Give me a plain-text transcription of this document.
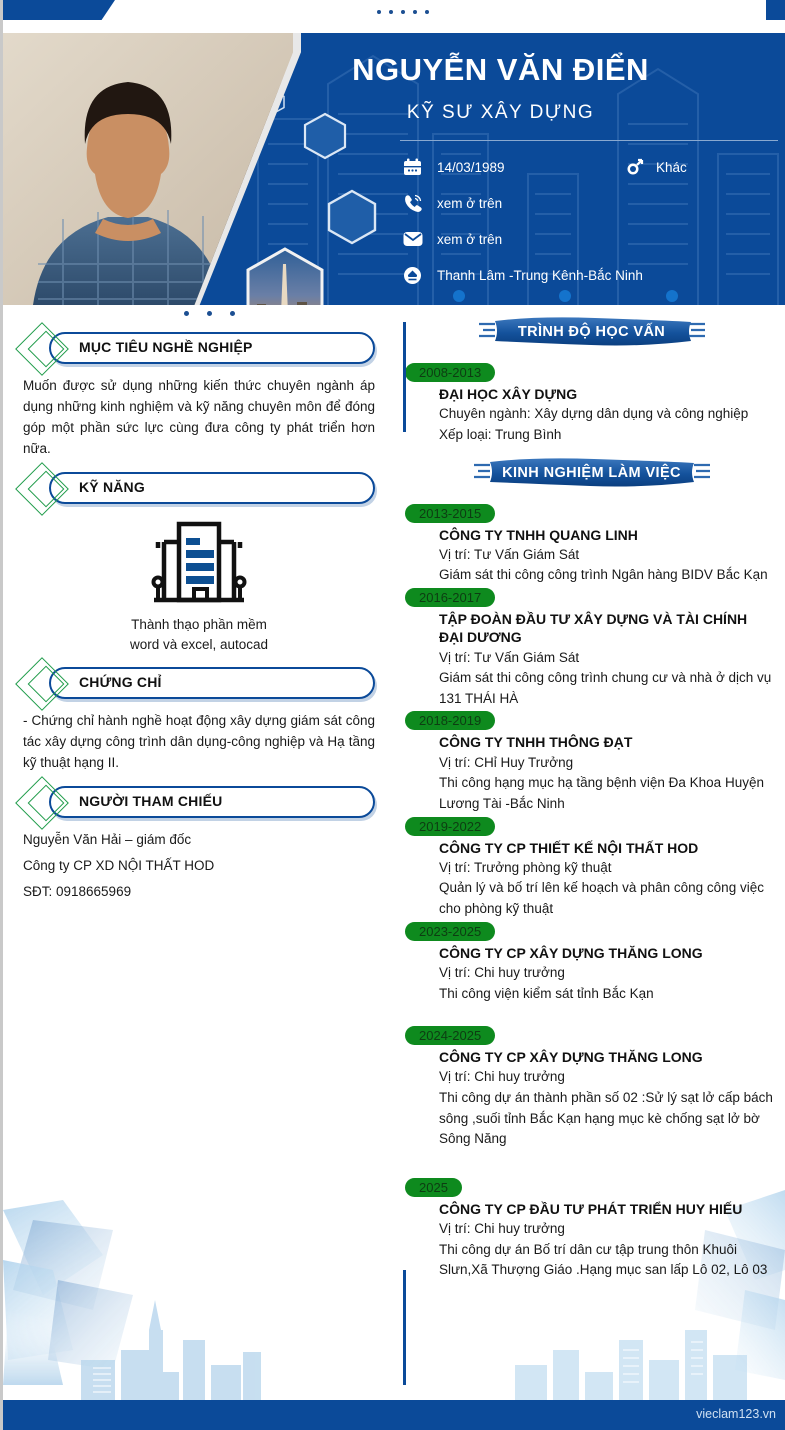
NGUYỄN VĂN ĐIỂN
KỸ SƯ XÂY DỰNG
14/03/1989	Khác
xem ở trên
xem ở trên
Thanh Lâm -Trung Kênh-Bắc Ninh
MỤC TIÊU NGHỀ NGHIỆP
Muốn được sử dụng những kiến thức chuyên ngành áp dụng những kinh nghiệm và kỹ năng chuyên môn để đóng góp một phần sức lực cùng đưa công ty phát triển hơn nữa.
KỸ NĂNG
Thành thạo phần mềm
word và excel, autocad
CHỨNG CHỈ
- Chứng chỉ hành nghề hoạt động xây dựng giám sát công tác xây dựng công trình dân dụng-công nghiệp và Hạ tầng kỹ thuật hạng II.
NGƯỜI THAM CHIẾU
Nguyễn Văn Hải – giám đốc
Công ty CP XD NỘI THẤT HOD
SĐT: 0918665969
TRÌNH ĐỘ HỌC VẤN
2008-2013
ĐẠI HỌC XÂY DỰNG
Chuyên ngành: Xây dựng dân dụng và công nghiệp
Xếp loại: Trung Bình
KINH NGHIỆM LÀM VIỆC
2013-2015
CÔNG TY TNHH QUANG LINH
Vị trí: Tư Vấn Giám Sát
Giám sát thi công công trình Ngân hàng BIDV Bắc Kạn
2016-2017
TẬP ĐOÀN ĐẦU TƯ XÂY DỰNG VÀ TÀI CHÍNH ĐẠI DƯƠNG
Vị trí: Tư Vấn Giám Sát
Giám sát thi công công trình chung cư và nhà ở dịch vụ 131 THÁI HÀ
2018-2019
CÔNG TY TNHH THÔNG ĐẠT
Vị trí: CHỉ Huy Trưởng
Thi công hạng mục hạ tầng bệnh viện Đa Khoa Huyện Lương Tài -Bắc Ninh
2019-2022
CÔNG TY CP THIẾT KẾ NỘI THẤT HOD
Vị trí: Trưởng phòng kỹ thuật
Quản lý và bố trí lên kế hoạch và phân công công việc cho phòng kỹ thuật
2023-2025
CÔNG TY CP XÂY DỰNG THĂNG LONG
Vị trí: Chi huy trưởng
Thi công viện kiểm sát tỉnh Bắc Kạn
2024-2025
CÔNG TY CP XÂY DỰNG THĂNG LONG
Vị trí: Chi huy trưởng
Thi công dự án thành phần số 02 :Sử lý sạt lở cấp bách sông ,suối tỉnh Bắc Kạn hạng mục kè chống sạt lở bờ Sông Năng
2025
CÔNG TY CP ĐẦU TƯ PHÁT TRIỂN HUY HIẾU
Vị trí: Chi huy trưởng
Thi công dự án Bố trí dân cư tập trung thôn Khuôi Slưn,Xã Thượng Giáo .Hạng mục san lấp Lô 02, Lô 03
vieclam123.vn
